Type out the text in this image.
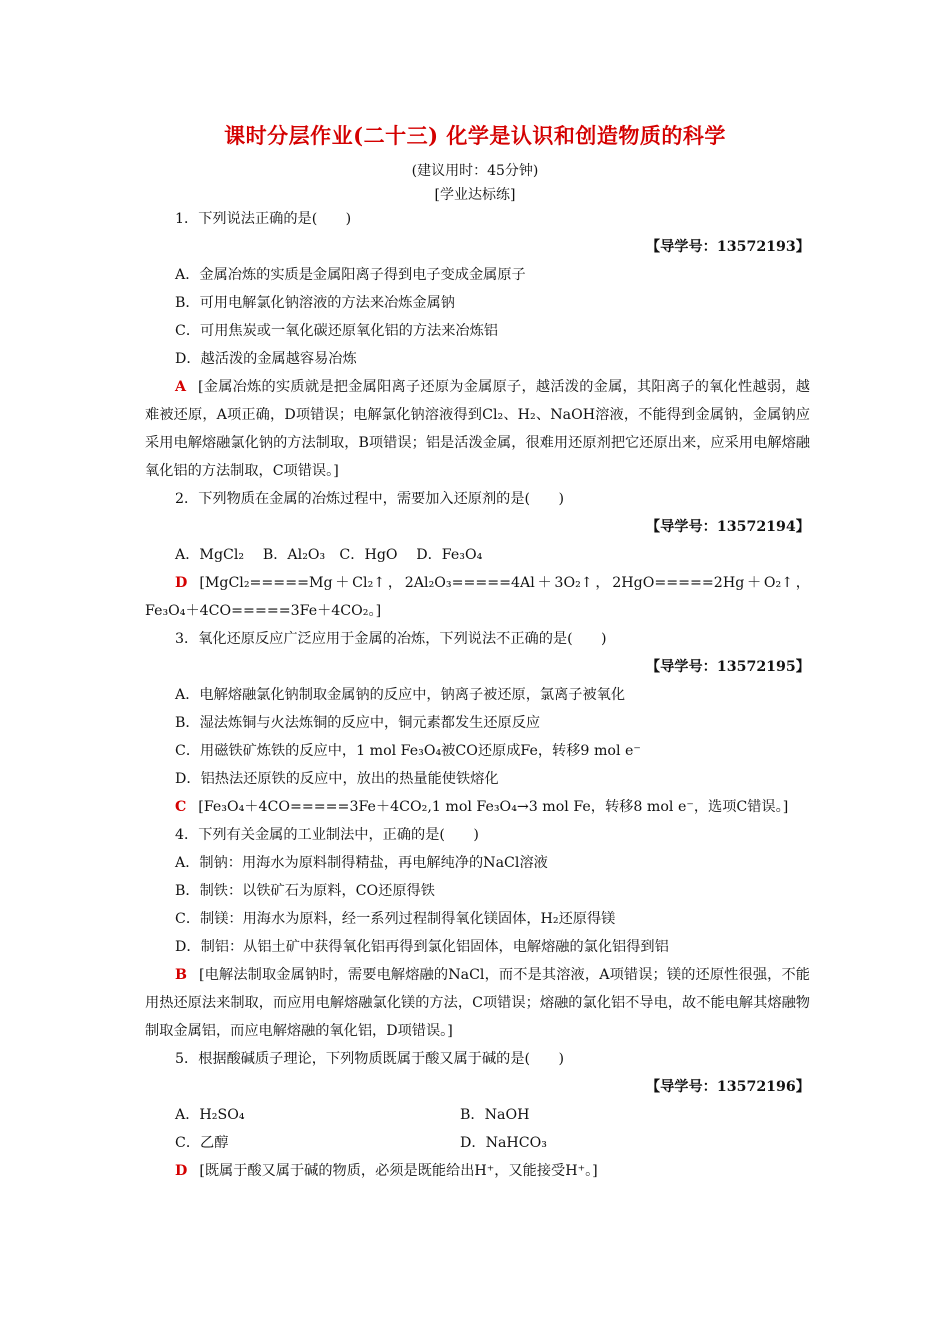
课时分层作业(二十三) 化学是认识和创造物质的科学
(建议用时：45分钟)
[学业达标练]

1．下列说法正确的是(　　)

【导学号：13572193】

A．金属冶炼的实质是金属阳离子得到电子变成金属原子

B．可用电解氯化钠溶液的方法来冶炼金属钠

C．可用焦炭或一氧化碳还原氧化铝的方法来冶炼铝

D．越活泼的金属越容易冶炼

A [金属冶炼的实质就是把金属阳离子还原为金属原子，越活泼的金属，其阳离子的氧化性越弱，越难被还原，A项正确，D项错误；电解氯化钠溶液得到Cl₂、H₂、NaOH溶液，不能得到金属钠，金属钠应采用电解熔融氯化钠的方法制取，B项错误；铝是活泼金属，很难用还原剂把它还原出来，应采用电解熔融氧化铝的方法制取，C项错误。]

2．下列物质在金属的冶炼过程中，需要加入还原剂的是(　　)

【导学号：13572194】

A．MgCl₂　 B．Al₂O₃　C．HgO　 D．Fe₃O₄

D [MgCl₂=====Mg＋Cl₂↑，2Al₂O₃=====4Al＋3O₂↑，2HgO=====2Hg＋O₂↑，Fe₃O₄＋4CO=====3Fe＋4CO₂。]

3．氧化还原反应广泛应用于金属的冶炼，下列说法不正确的是(　　)

【导学号：13572195】

A．电解熔融氯化钠制取金属钠的反应中，钠离子被还原，氯离子被氧化

B．湿法炼铜与火法炼铜的反应中，铜元素都发生还原反应

C．用磁铁矿炼铁的反应中，1 mol Fe₃O₄被CO还原成Fe，转移9 mol e⁻

D．铝热法还原铁的反应中，放出的热量能使铁熔化

C [Fe₃O₄＋4CO=====3Fe＋4CO₂,1 mol Fe₃O₄→3 mol Fe，转移8 mol e⁻，选项C错误。]

4．下列有关金属的工业制法中，正确的是(　　)

A．制钠：用海水为原料制得精盐，再电解纯净的NaCl溶液

B．制铁：以铁矿石为原料，CO还原得铁

C．制镁：用海水为原料，经一系列过程制得氧化镁固体，H₂还原得镁

D．制铝：从铝土矿中获得氧化铝再得到氯化铝固体，电解熔融的氯化铝得到铝

B [电解法制取金属钠时，需要电解熔融的NaCl，而不是其溶液，A项错误；镁的还原性很强，不能用热还原法来制取，而应用电解熔融氯化镁的方法，C项错误；熔融的氯化铝不导电，故不能电解其熔融物制取金属铝，而应电解熔融的氧化铝，D项错误。]

5．根据酸碱质子理论，下列物质既属于酸又属于碱的是(　　)

【导学号：13572196】

A．H₂SO₄	B．NaOH

C．乙醇	D．NaHCO₃

D [既属于酸又属于碱的物质，必须是既能给出H⁺，又能接受H⁺。]
